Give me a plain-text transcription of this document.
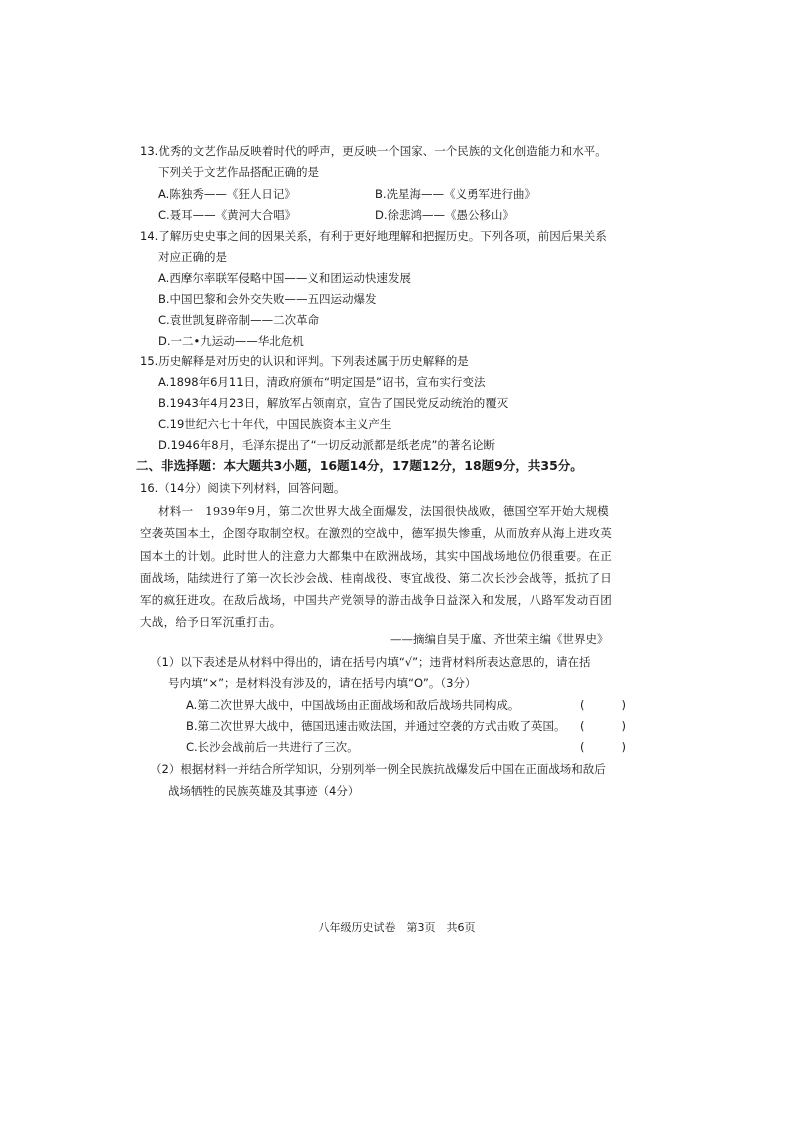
13.优秀的文艺作品反映着时代的呼声，更反映一个国家、一个民族的文化创造能力和水平。
下列关于文艺作品搭配正确的是
A.陈独秀——《狂人日记》	B.冼星海——《义勇军进行曲》
C.聂耳——《黄河大合唱》	D.徐悲鸿——《愚公移山》
14.了解历史史事之间的因果关系，有利于更好地理解和把握历史。下列各项，前因后果关系
对应正确的是
A.西摩尔率联军侵略中国——义和团运动快速发展
B.中国巴黎和会外交失败——五四运动爆发
C.袁世凯复辟帝制——二次革命
D.一二•九运动——华北危机
15.历史解释是对历史的认识和评判。下列表述属于历史解释的是
A.1898年6月11日，清政府颁布“明定国是”诏书，宣布实行变法
B.1943年4月23日，解放军占领南京，宣告了国民党反动统治的覆灭
C.19世纪六七十年代，中国民族资本主义产生
D.1946年8月，毛泽东提出了“一切反动派都是纸老虎”的著名论断
二、非选择题：本大题共3小题，16题14分，17题12分，18题9分，共35分。
16.（14分）阅读下列材料，回答问题。
材料一　1939年9月，第二次世界大战全面爆发，法国很快战败，德国空军开始大规模
空袭英国本土，企图夺取制空权。在激烈的空战中，德军损失惨重，从而放弃从海上进攻英
国本土的计划。此时世人的注意力大都集中在欧洲战场，其实中国战场地位仍很重要。在正
面战场，陆续进行了第一次长沙会战、桂南战役、枣宜战役、第二次长沙会战等，抵抗了日
军的疯狂进攻。在敌后战场，中国共产党领导的游击战争日益深入和发展，八路军发动百团
大战，给予日军沉重打击。
——摘编自吴于廑、齐世荣主编《世界史》
（1）以下表述是从材料中得出的，请在括号内填“√”；违背材料所表达意思的，请在括
号内填“×”；是材料没有涉及的，请在括号内填“O”。（3分）
A.第二次世界大战中，中国战场由正面战场和敌后战场共同构成。	(	)
B.第二次世界大战中，德国迅速击败法国，并通过空袭的方式击败了英国。 (	)
C.长沙会战前后一共进行了三次。	(	)
（2）根据材料一并结合所学知识，分别列举一例全民族抗战爆发后中国在正面战场和敌后
战场牺牲的民族英雄及其事迹（4分）
八年级历史试卷　第3页　共6页
